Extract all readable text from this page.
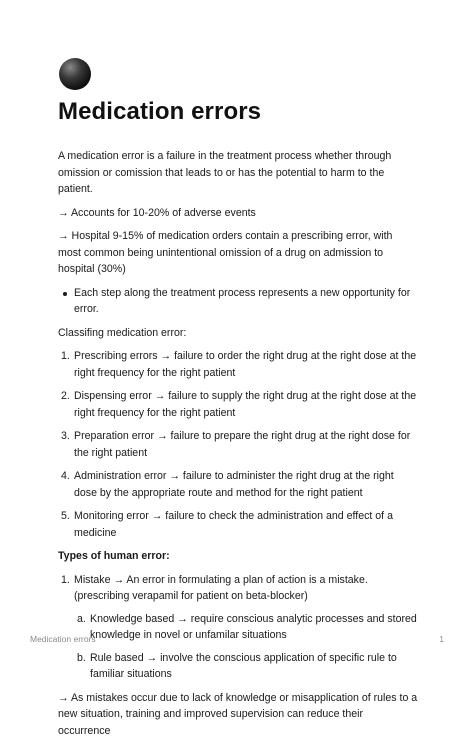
Medication errors

A medication error is a failure in the treatment process whether through omission or comission that leads to or has the potential to harm to the patient.

→ Accounts for 10-20% of adverse events

→ Hospital 9-15% of medication orders contain a prescribing error, with most common being unintentional omission of a drug on admission to hospital (30%)

Each step along the treatment process represents a new opportunity for error.

Classifing medication error:

1. Prescribing errors → failure to order the right drug at the right dose at the right frequency for the right patient
2. Dispensing error → failure to supply the right drug at the right dose at the right frequency for the right patient
3. Preparation error → failure to prepare the right drug at the right dose for the right patient
4. Administration error → failure to administer the right drug at the right dose by the appropriate route and method for the right patient
5. Monitoring error → failure to check the administration and effect of a medicine

Types of human error:

1. Mistake → An error in formulating a plan of action is a mistake. (prescribing verapamil for patient on beta-blocker)
a. Knowledge based → require conscious analytic processes and stored knowledge in novel or unfamilar situations
b. Rule based → involve the conscious application of specific rule to familiar situations

→ As mistakes occur due to lack of knowledge or misapplication of rules to a new situation, training and improved supervision can reduce their occurrence

Medication errors	1
